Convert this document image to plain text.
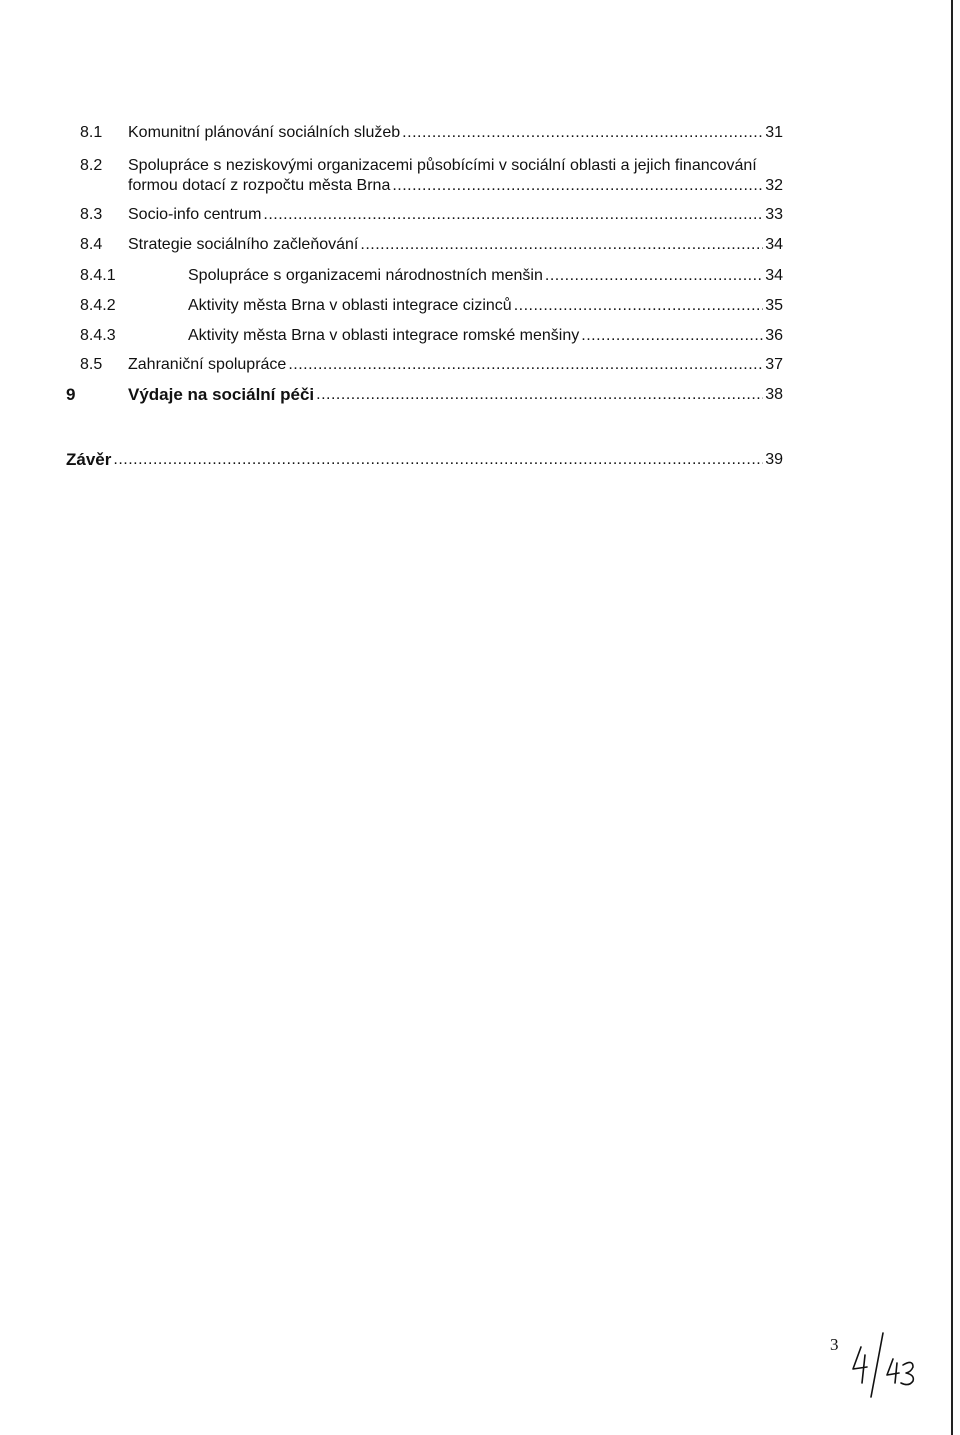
8.1 Komunitní plánování sociálních služeb .....	31
8.2 Spolupráce s neziskovými organizacemi působícími v sociální oblasti a jejich financování
formou dotací z rozpočtu města Brna .....	32
8.3 Socio-info centrum .....	33
8.4 Strategie sociálního začleňování .....	34
8.4.1	Spolupráce s organizacemi národnostních menšin .....	34
8.4.2	Aktivity města Brna v oblasti integrace cizinců .....	35
8.4.3	Aktivity města Brna v oblasti integrace romské menšiny .....	36
8.5 Zahraniční spolupráce .....	37
9	Výdaje na sociální péči .....	38
Závěr .....	39
3
